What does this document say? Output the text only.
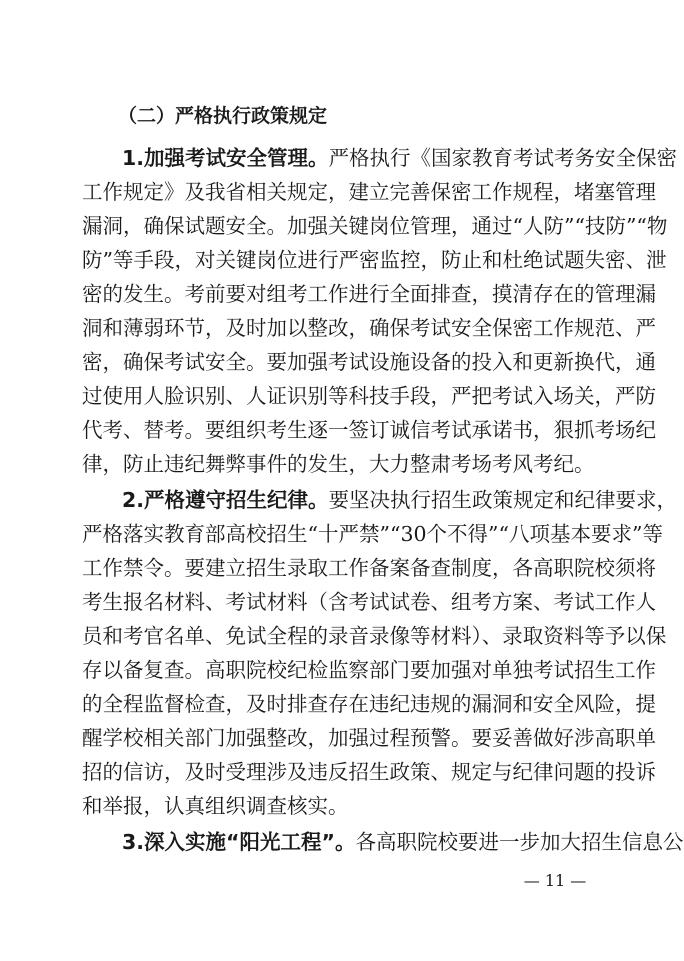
（二）严格执行政策规定
1.加强考试安全管理。严格执行《国家教育考试考务安全保密
工作规定》及我省相关规定，建立完善保密工作规程，堵塞管理
漏洞，确保试题安全。加强关键岗位管理，通过“人防”“技防”“物
防”等手段，对关键岗位进行严密监控，防止和杜绝试题失密、泄
密的发生。考前要对组考工作进行全面排查，摸清存在的管理漏
洞和薄弱环节，及时加以整改，确保考试安全保密工作规范、严
密，确保考试安全。要加强考试设施设备的投入和更新换代，通
过使用人脸识别、人证识别等科技手段，严把考试入场关，严防
代考、替考。要组织考生逐一签订诚信考试承诺书，狠抓考场纪
律，防止违纪舞弊事件的发生，大力整肃考场考风考纪。
2.严格遵守招生纪律。要坚决执行招生政策规定和纪律要求，
严格落实教育部高校招生“十严禁”“30个不得”“八项基本要求”等
工作禁令。要建立招生录取工作备案备查制度，各高职院校须将
考生报名材料、考试材料（含考试试卷、组考方案、考试工作人
员和考官名单、免试全程的录音录像等材料）、录取资料等予以保
存以备复查。高职院校纪检监察部门要加强对单独考试招生工作
的全程监督检查，及时排查存在违纪违规的漏洞和安全风险，提
醒学校相关部门加强整改，加强过程预警。要妥善做好涉高职单
招的信访，及时受理涉及违反招生政策、规定与纪律问题的投诉
和举报，认真组织调查核实。
3.深入实施“阳光工程”。各高职院校要进一步加大招生信息公
— 11 —
